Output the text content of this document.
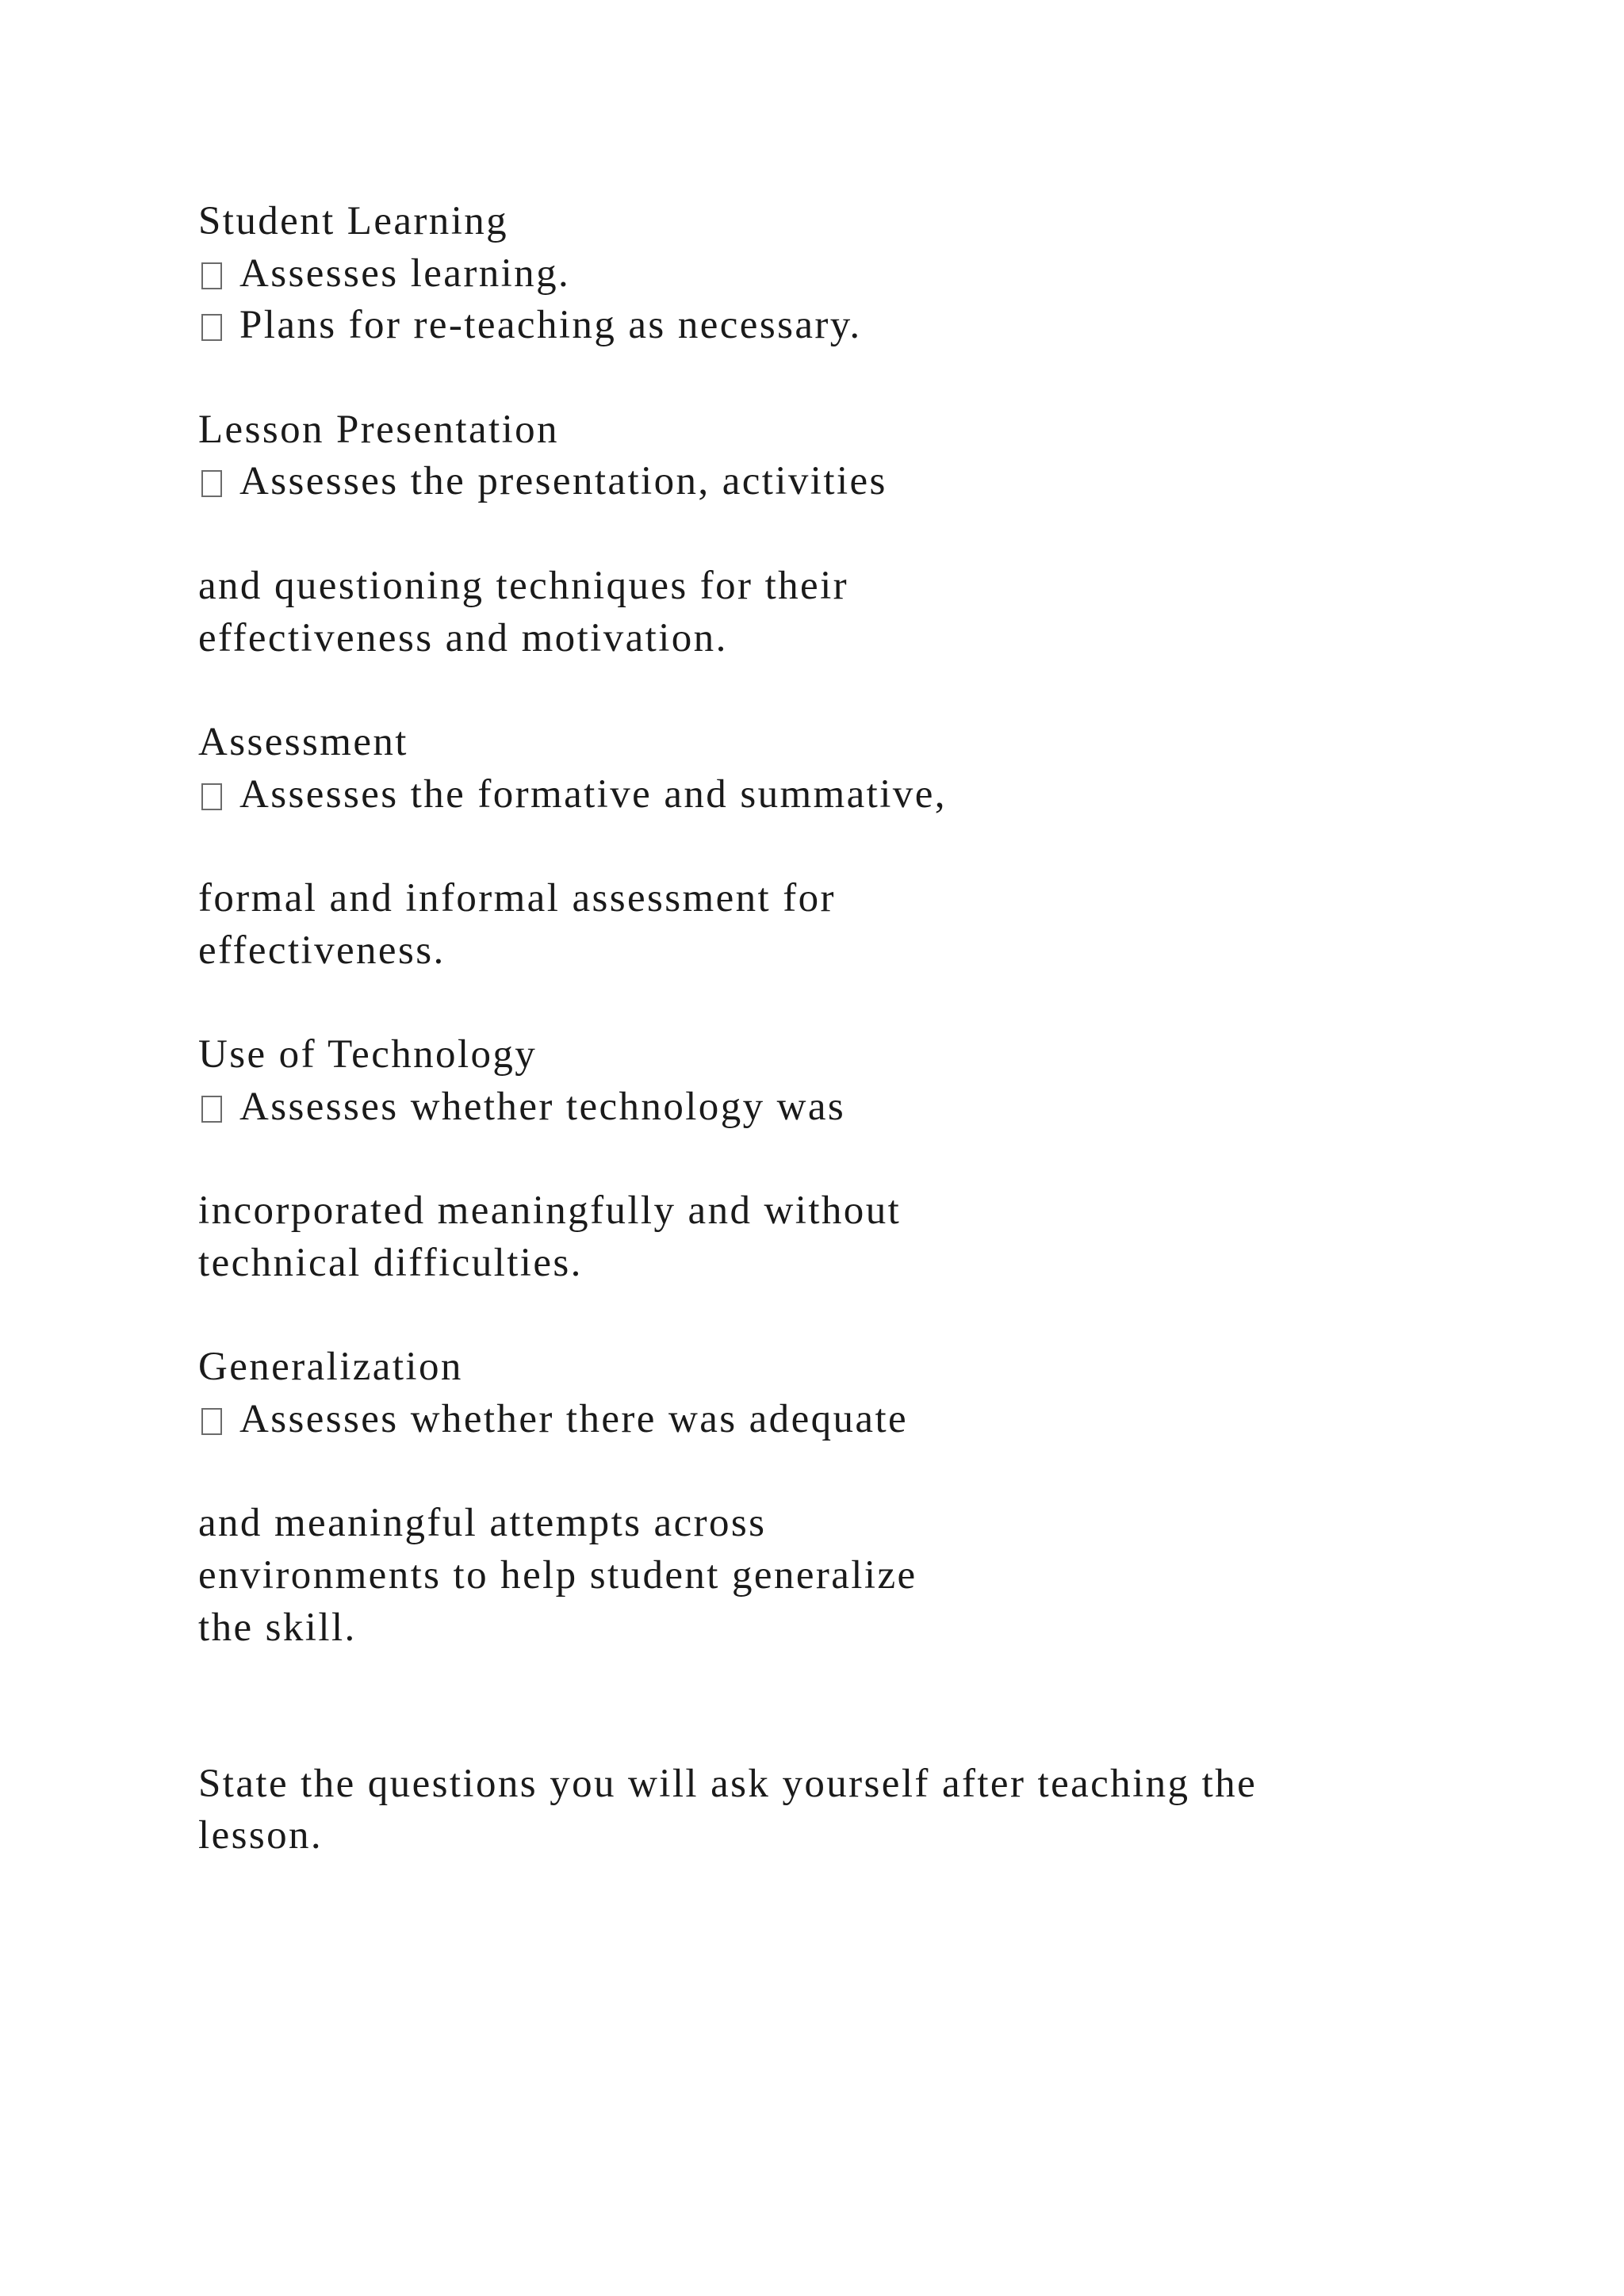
Student Learning
Assesses learning.
Plans for re-teaching as necessary.
Lesson Presentation
Assesses the presentation, activities
and questioning techniques for their
effectiveness and motivation.
Assessment
Assesses the formative and summative,
formal and informal assessment for
effectiveness.
Use of Technology
Assesses whether technology was
incorporated meaningfully and without
technical difficulties.
Generalization
Assesses whether there was adequate
and meaningful attempts across
environments to help student generalize
the skill.
State the questions you will ask yourself after teaching the
lesson.
